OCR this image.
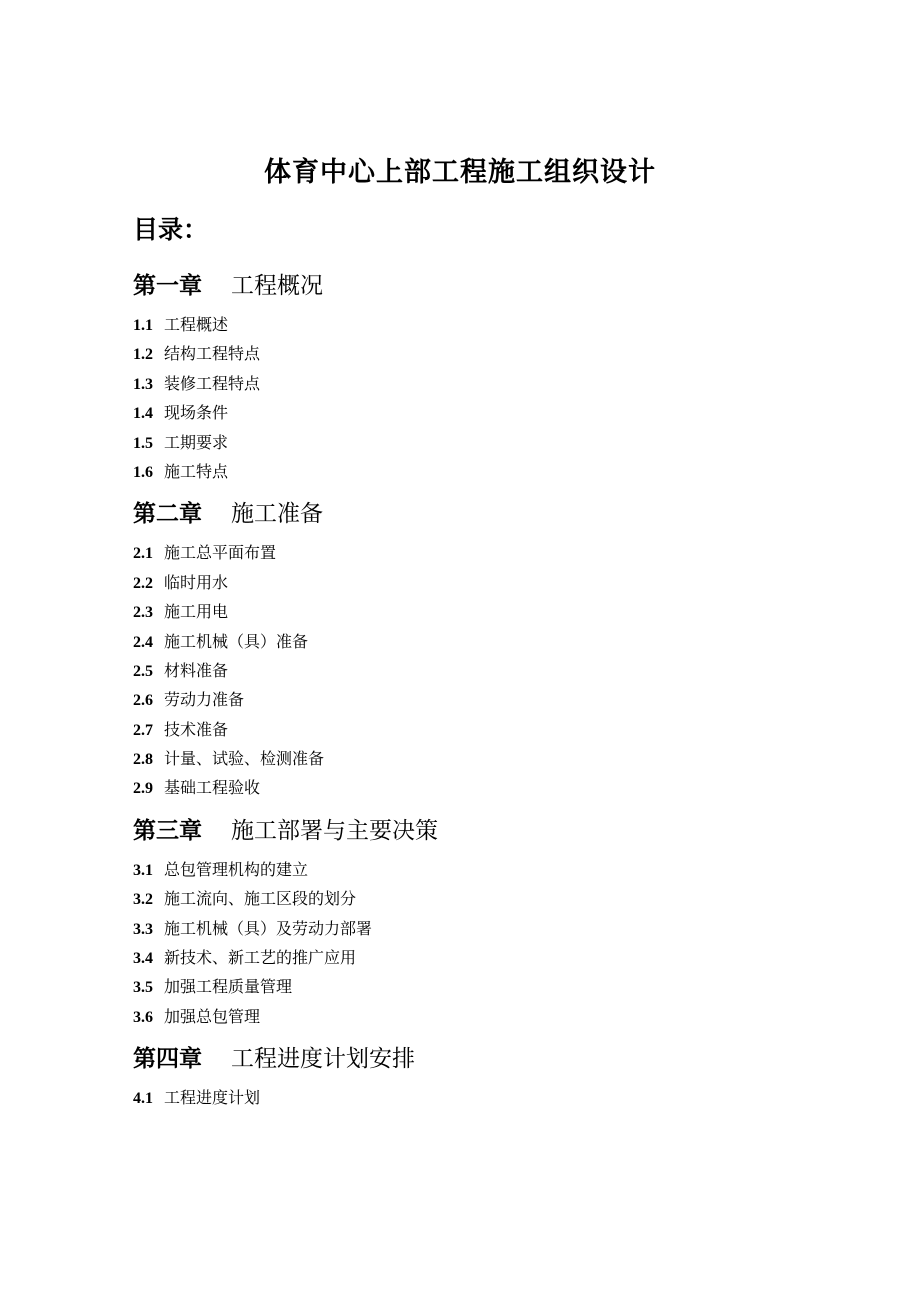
体育中心上部工程施工组织设计
目录：
第一章 工程概况
1.1 工程概述
1.2 结构工程特点
1.3 装修工程特点
1.4 现场条件
1.5 工期要求
1.6 施工特点
第二章 施工准备
2.1 施工总平面布置
2.2 临时用水
2.3 施工用电
2.4 施工机械（具）准备
2.5 材料准备
2.6 劳动力准备
2.7 技术准备
2.8 计量、试验、检测准备
2.9 基础工程验收
第三章 施工部署与主要决策
3.1 总包管理机构的建立
3.2 施工流向、施工区段的划分
3.3 施工机械（具）及劳动力部署
3.4 新技术、新工艺的推广应用
3.5 加强工程质量管理
3.6 加强总包管理
第四章 工程进度计划安排
4.1 工程进度计划
